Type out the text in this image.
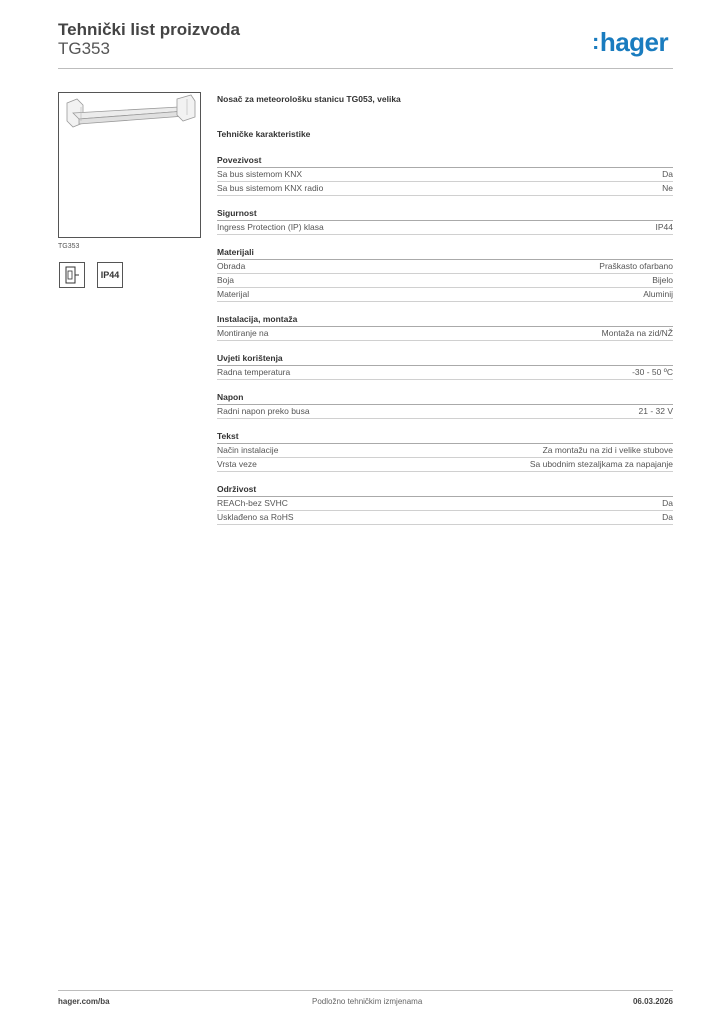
Tehnički list proizvoda
TG353	:hager
TG353
IP44
Nosač za meteorološku stanicu TG053, velika
Tehničke karakteristike
Povezivost
Sa bus sistemom KNX	Da
Sa bus sistemom KNX radio	Ne
Sigurnost
Ingress Protection (IP) klasa	IP44
Materijali
Obrada	Praškasto ofarbano
Boja	Bijelo
Materijal	Aluminij
Instalacija, montaža
Montiranje na	Montaža na zid/NŽ
Uvjeti korištenja
Radna temperatura	-30 - 50 ºC
Napon
Radni napon preko busa	21 - 32 V
Tekst
Način instalacije	Za montažu na zid i velike stubove
Vrsta veze	Sa ubodnim stezaljkama za napajanje
Održivost
REACh-bez SVHC	Da
Usklađeno sa RoHS	Da
hager.com/ba	Podložno tehničkim izmjenama	06.03.2026
